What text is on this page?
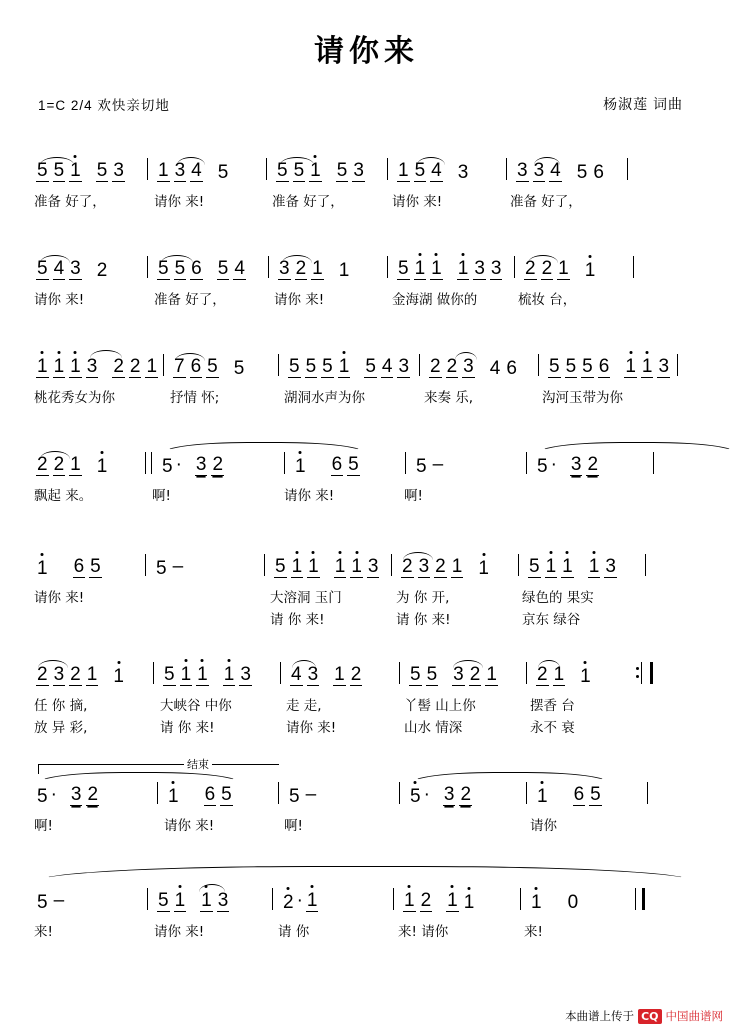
请你来
1=C 2/4 欢快亲切地	杨淑莲 词曲
5 5 1 5 3 1 3 4 5	5 5 1 5 3 1 5 4 3	3 3 4 5 6
准备 好了，	请你 来!	准备 好了，	请你 来!	准备 好了，
5 4 3 2	5 5 6 5 4 3 2 1 1	5 1 1 1 3 3 2 2 1 1
请你 来!	准备 好了，	请你 来!	金海湖 做你的	梳妆 台，
1 1 1 3 2 2 1 7 6 5 5 5 5 5 1 5 4 3 2 2 3 4 6 5 5 5 6 1 1 3
桃花秀女为你	抒情 怀;	湖洞水声为你	来奏 乐,	沟河玉带为你
2 2 1 1	5 · 3 2	1 6 5	5 –	5 · 3 2
飘起 来。	啊!	请你 来!	啊!
1 6 5	5 –	5 1 1 1 1 3 2 3 2 1 1 5 1 1 1 3
请你 来!	大溶洞 玉门	为 你 开,	绿色的 果实
请 你 来!	请 你 来!	京东 绿谷
2 3 2 1 1 5 1 1 1 3 4 3 1 2	5 5 3 2 1 2 1 1
任 你 摘,	大峡谷 中你	走 走,	丫髻 山上你	摆香 台
放 异 彩,	请 你 来!	请你 来!	山水 情深	永不 衰
结束
5 · 3 2	1 6 5	5 –	5 · 3 2	1 6 5
啊!	请你 来!	啊!	请你
5 –	5 1 1 3	2 · 1	1 2 1 1	1 0
来!	请你 来!	请 你	来! 请你	来!
本曲谱上传于 CQ 中国曲谱网
